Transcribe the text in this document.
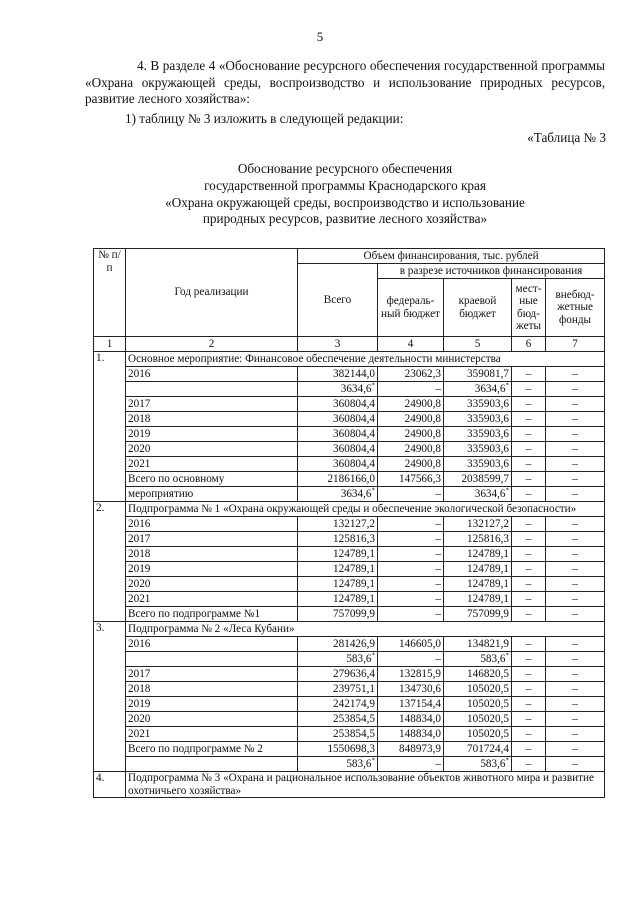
5
4. В разделе 4 «Обоснование ресурсного обеспечения государственной программы «Охрана окружающей среды, воспроизводство и использование природных ресурсов, развитие лесного хозяйства»:
1) таблицу № 3 изложить в следующей редакции:
«Таблица № 3
Обоснование ресурсного обеспечения
государственной программы Краснодарского края
«Охрана окружающей среды, воспроизводство и использование
природных ресурсов, развитие лесного хозяйства»
№ п/п	Год реализации	Объем финансирования, тыс. рублей				
		Всего	в разрезе источников финансирования			
			федераль-ный бюджет	краевой бюджет	мест-ные бюд-жеты	внебюд-жетные фонды
1	2	3	4	5	6	7
1.	Основное мероприятие: Финансовое обеспечение деятельности министерства					
	2016	382144,0	23062,3	359081,7	–	–
		3634,6*	–	3634,6*	–	–
	2017	360804,4	24900,8	335903,6	–	–
	2018	360804,4	24900,8	335903,6	–	–
	2019	360804,4	24900,8	335903,6	–	–
	2020	360804,4	24900,8	335903,6	–	–
	2021	360804,4	24900,8	335903,6	–	–
	Всего по основному	2186166,0	147566,3	2038599,7	–	–
	мероприятию	3634,6*	–	3634,6*	–	–
2.	Подпрограмма № 1 «Охрана окружающей среды и обеспечение экологической безопасности»					
	2016	132127,2	–	132127,2	–	–
	2017	125816,3	–	125816,3	–	–
	2018	124789,1	–	124789,1	–	–
	2019	124789,1	–	124789,1	–	–
	2020	124789,1	–	124789,1	–	–
	2021	124789,1	–	124789,1	–	–
	Всего по подпрограмме №1	757099,9	–	757099,9	–	–
3.	Подпрограмма № 2 «Леса Кубани»					
	2016	281426,9	146605,0	134821,9	–	–
		583,6*	–	583,6*	–	–
	2017	279636,4	132815,9	146820,5	–	–
	2018	239751,1	134730,6	105020,5	–	–
	2019	242174,9	137154,4	105020,5	–	–
	2020	253854,5	148834,0	105020,5	–	–
	2021	253854,5	148834,0	105020,5	–	–
	Всего по подпрограмме № 2	1550698,3	848973,9	701724,4	–	–
		583,6*	–	583,6*	–	–
4.	Подпрограмма № 3 «Охрана и рациональное использование объектов животного мира и развитие охотничьего хозяйства»					
